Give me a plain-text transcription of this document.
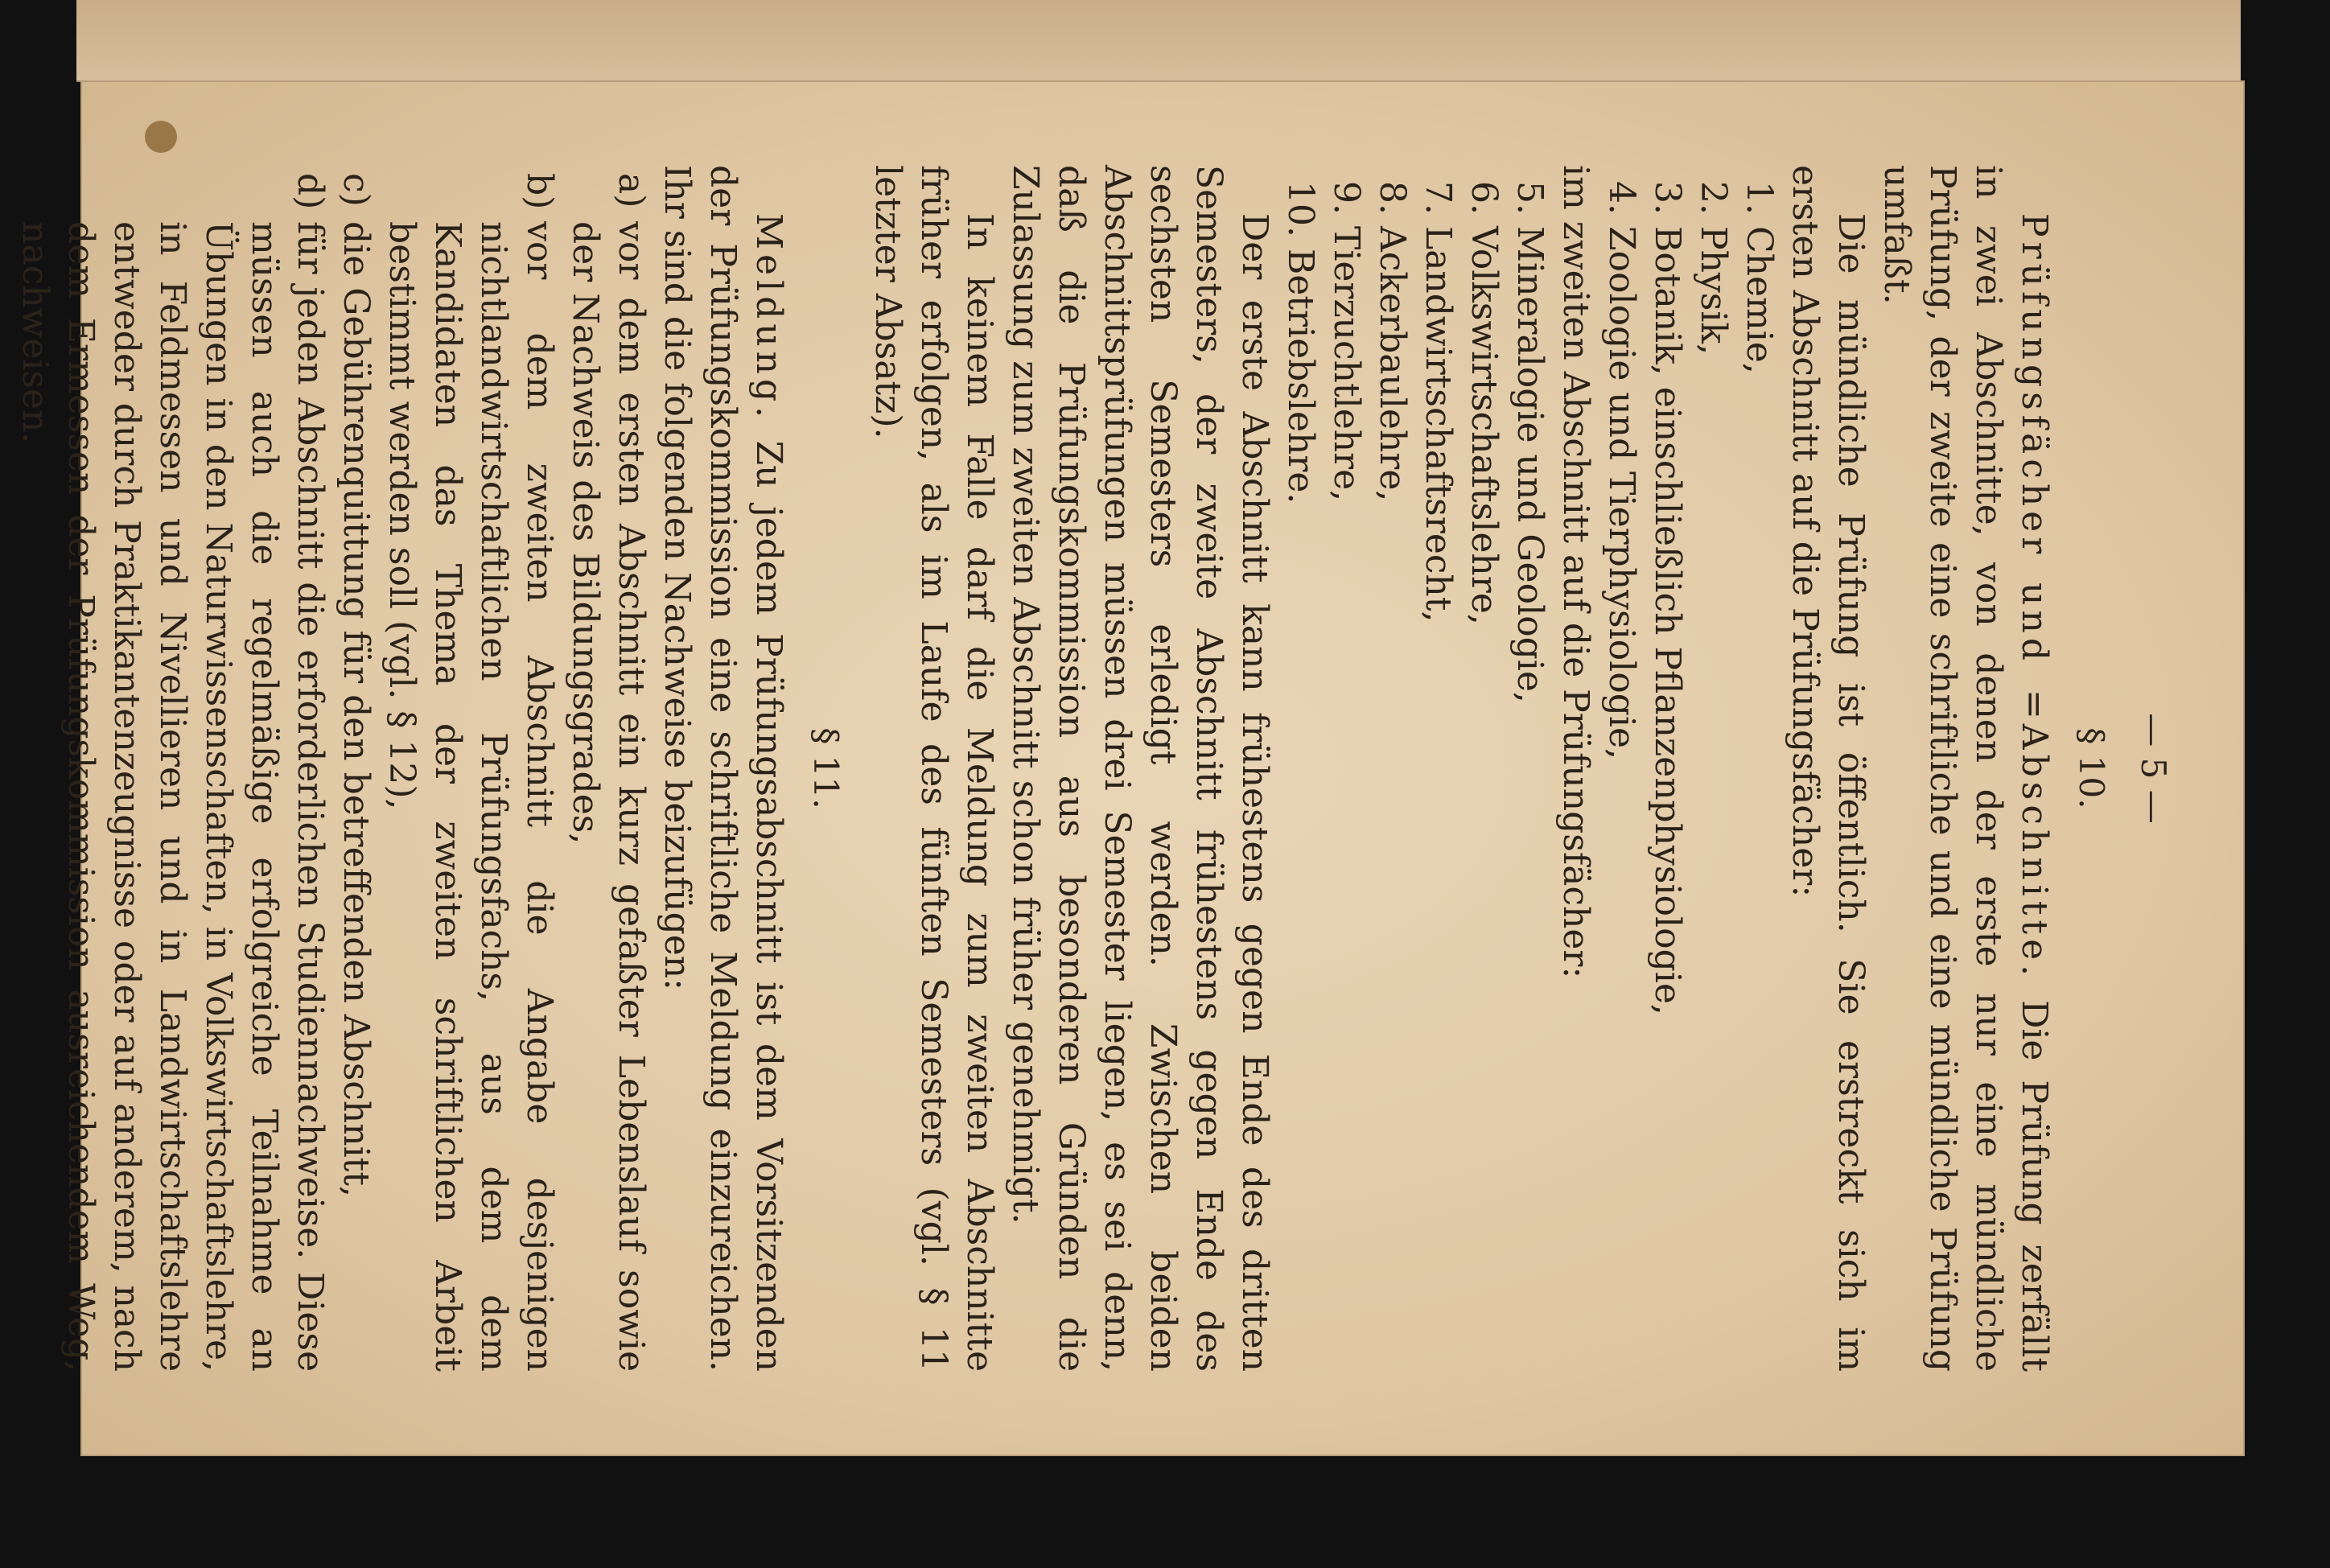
— 5 —

§ 10.

Prüfungsfächer und =Abschnitte. Die Prüfung zerfällt in zwei Abschnitte, von denen der erste nur eine mündliche Prüfung, der zweite eine schriftliche und eine mündliche Prüfung umfaßt.

Die mündliche Prüfung ist öffentlich. Sie erstreckt sich im ersten Abschnitt auf die Prüfungsfächer:

1. Chemie,
2. Physik,
3. Botanik, einschließlich Pflanzenphysiologie,
4. Zoologie und Tierphysiologie,

im zweiten Abschnitt auf die Prüfungsfächer:

5. Mineralogie und Geologie,
6. Volkswirtschaftslehre,
7. Landwirtschaftsrecht,
8. Ackerbaulehre,
9. Tierzuchtlehre,
10. Betriebslehre.

Der erste Abschnitt kann frühestens gegen Ende des dritten Semesters, der zweite Abschnitt frühestens gegen Ende des sechsten Semesters erledigt werden. Zwischen beiden Abschnittsprüfungen müssen drei Semester liegen, es sei denn, daß die Prüfungskommission aus besonderen Gründen die Zulassung zum zweiten Abschnitt schon früher genehmigt.

In keinem Falle darf die Meldung zum zweiten Abschnitte früher erfolgen, als im Laufe des fünften Semesters (vgl. § 11 letzter Absatz).

§ 11.

Meldung. Zu jedem Prüfungsabschnitt ist dem Vorsitzenden der Prüfungskommission eine schriftliche Meldung einzureichen. Ihr sind die folgenden Nachweise beizufügen:

a)vor dem ersten Abschnitt ein kurz gefaßter Lebenslauf sowie der Nachweis des Bildungsgrades,
b)vor dem zweiten Abschnitt die Angabe desjenigen nichtlandwirtschaftlichen Prüfungsfachs, aus dem dem Kandidaten das Thema der zweiten schriftlichen Arbeit bestimmt werden soll (vgl. § 12),
c)die Gebührenquittung für den betreffenden Abschnitt,
d)für jeden Abschnitt die erforderlichen Studiennachweise. Diese müssen auch die regelmäßige erfolgreiche Teilnahme an Übungen in den Naturwissenschaften, in Volkswirtschaftslehre, in Feldmessen und Nivellieren und in Landwirtschaftslehre entweder durch Praktikantenzeugnisse oder auf anderem, nach dem Ermessen der Prüfungskommission ausreichendem Weg, nachweisen.
